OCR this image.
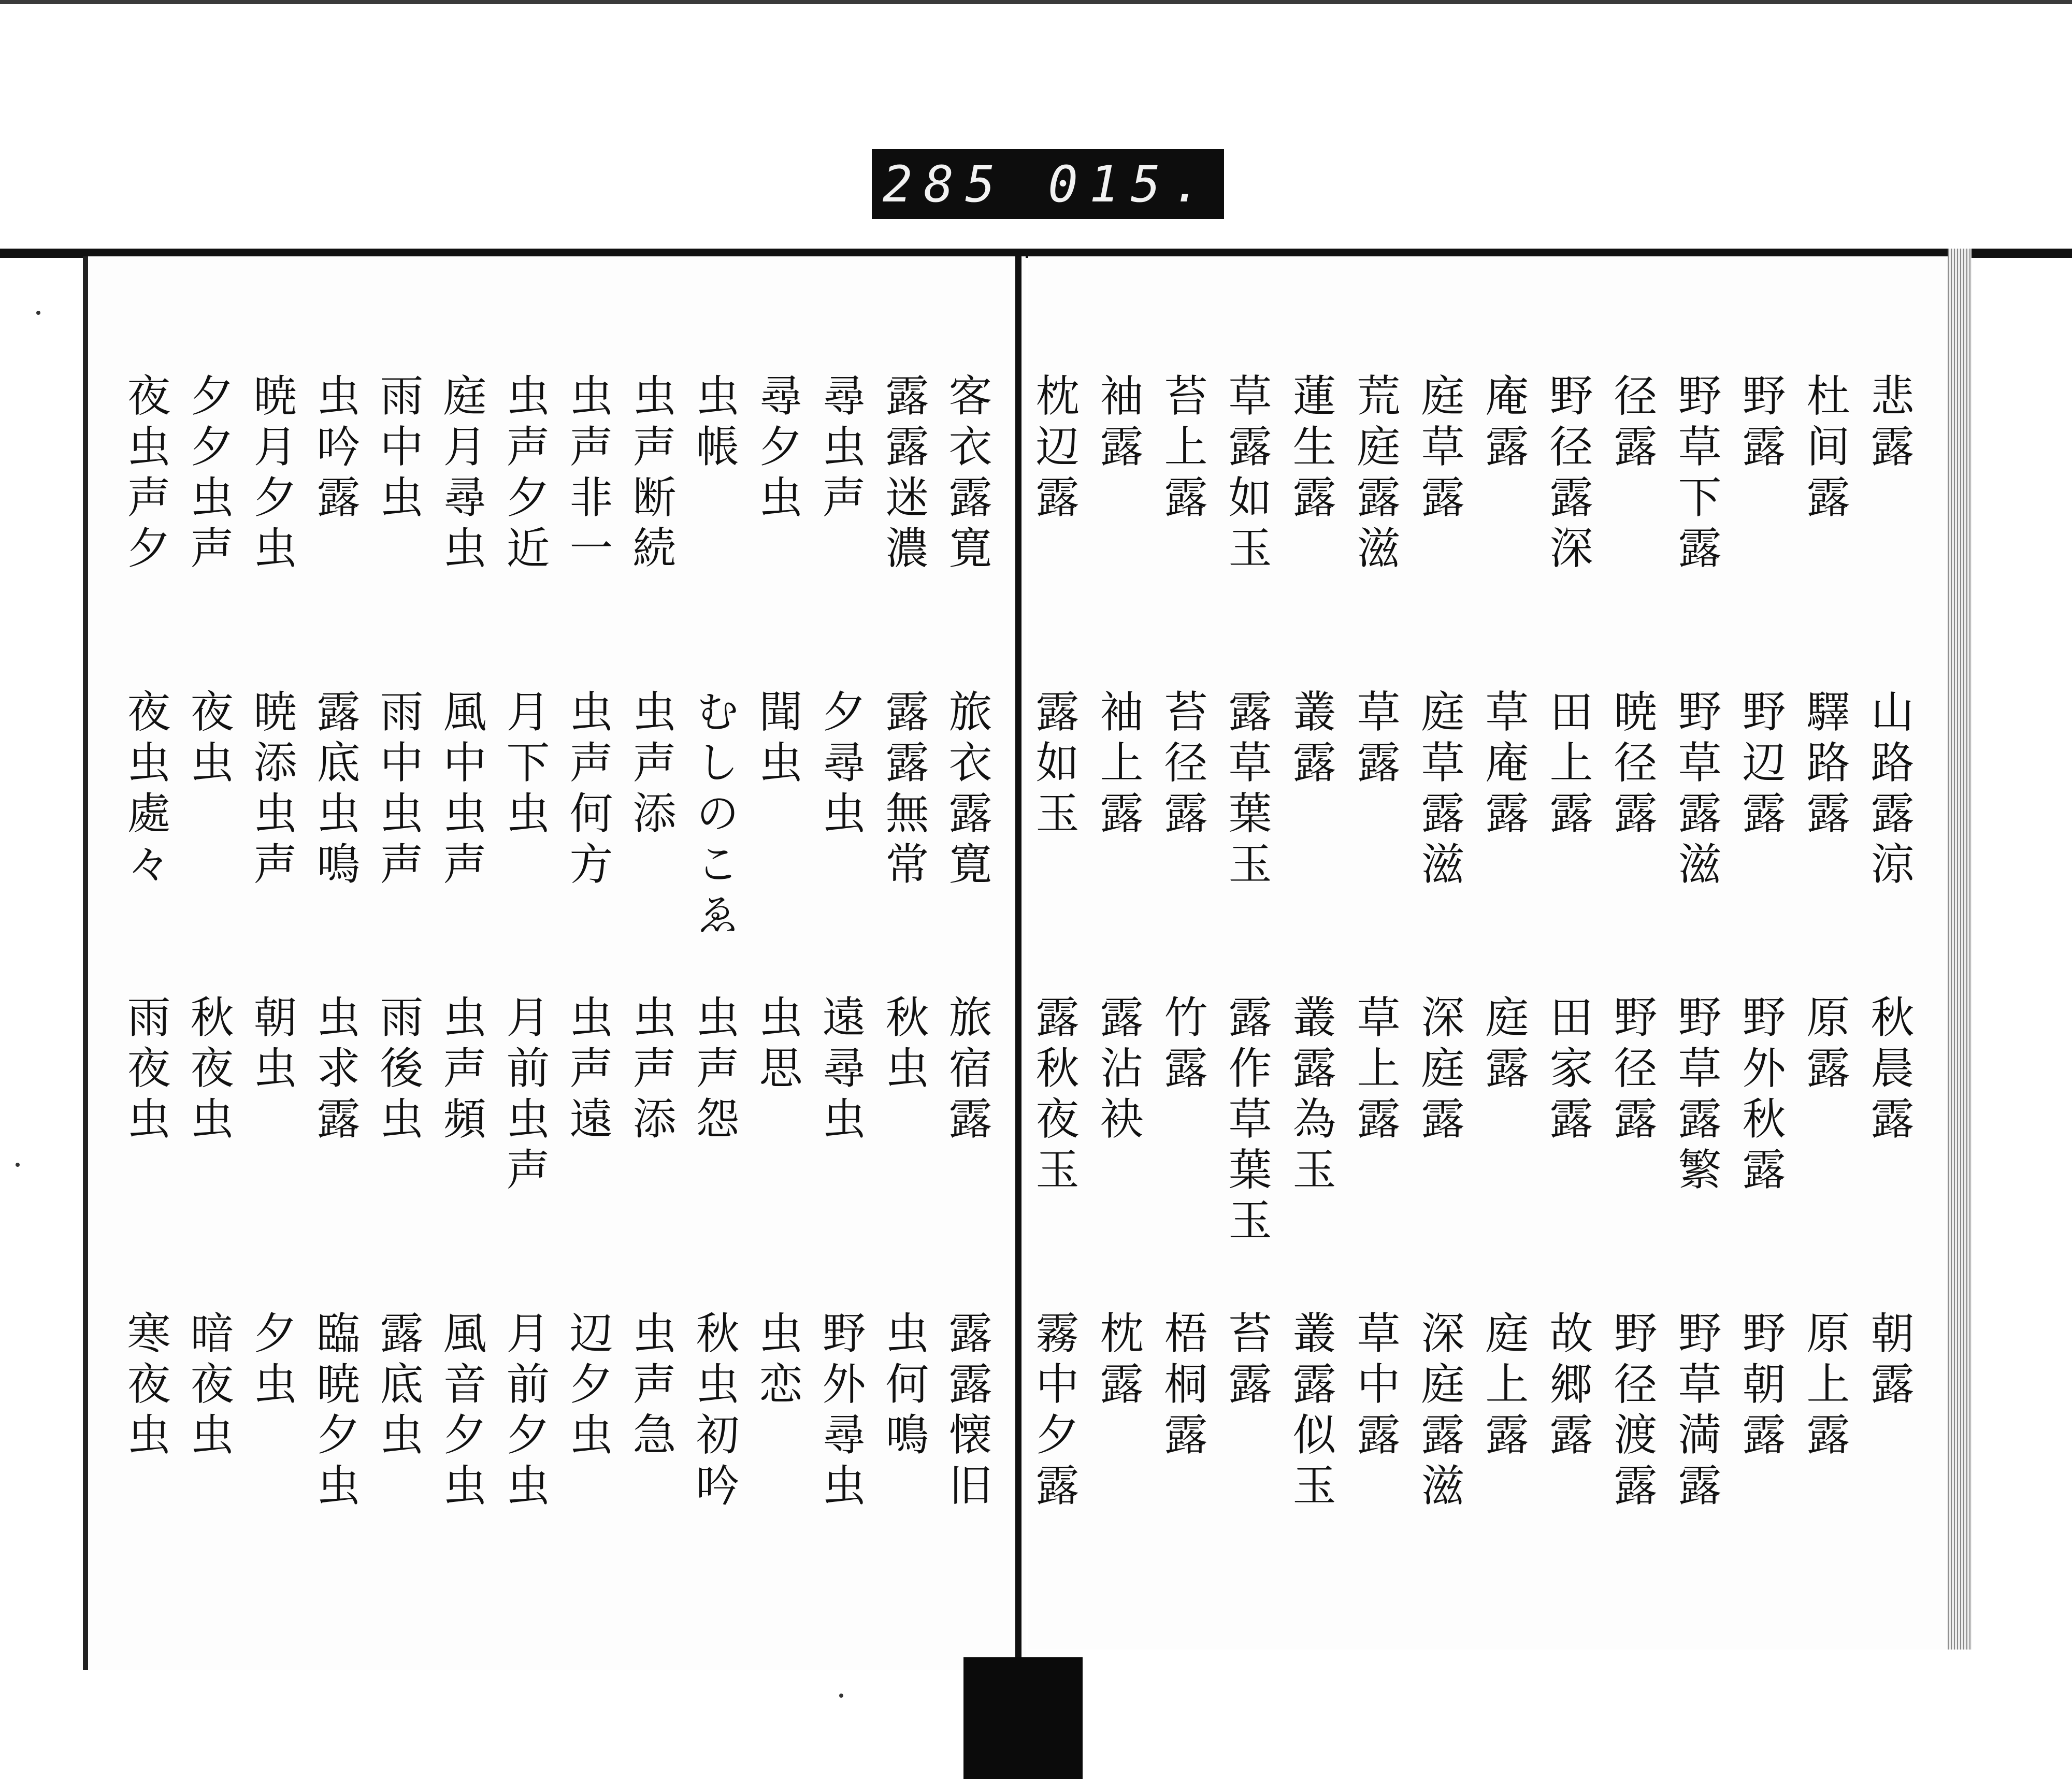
285 015.
悲露
杜间露
野露
野草下露
径露
野径露深
庵露
庭草露
荒庭露滋
蓮生露
草露如玉
苔上露
袖露
枕辺露
山路露涼
驛路露
野辺露
野草露滋
暁径露
田上露
草庵露
庭草露滋
草露
叢露
露草葉玉
苔径露
袖上露
露如玉
秋晨露
原露
野外秋露
野草露繁
野径露
田家露
庭露
深庭露
草上露
叢露為玉
露作草葉玉
竹露
露沾袂
露秋夜玉
朝露
原上露
野朝露
野草満露
野径渡露
故郷露
庭上露
深庭露滋
草中露
叢露似玉
苔露
梧桐露
枕露
霧中夕露
客衣露寛
露露迷濃
尋虫声
尋夕虫
虫帳
虫声断続
虫声非一
虫声夕近
庭月尋虫
雨中虫
虫吟露
暁月夕虫
夕夕虫声
夜虫声夕
旅衣露寛
露露無常
夕尋虫
聞虫
むしのこゑ
虫声添
虫声何方
月下虫
風中虫声
雨中虫声
露底虫鳴
暁添虫声
夜虫
夜虫處々
旅宿露
秋虫
遠尋虫
虫思
虫声怨
虫声添
虫声遠
月前虫声
虫声頻
雨後虫
虫求露
朝虫
秋夜虫
雨夜虫
露露懐旧
虫何鳴
野外尋虫
虫恋
秋虫初吟
虫声急
辺夕虫
月前夕虫
風音夕虫
露底虫
臨暁夕虫
夕虫
暗夜虫
寒夜虫
